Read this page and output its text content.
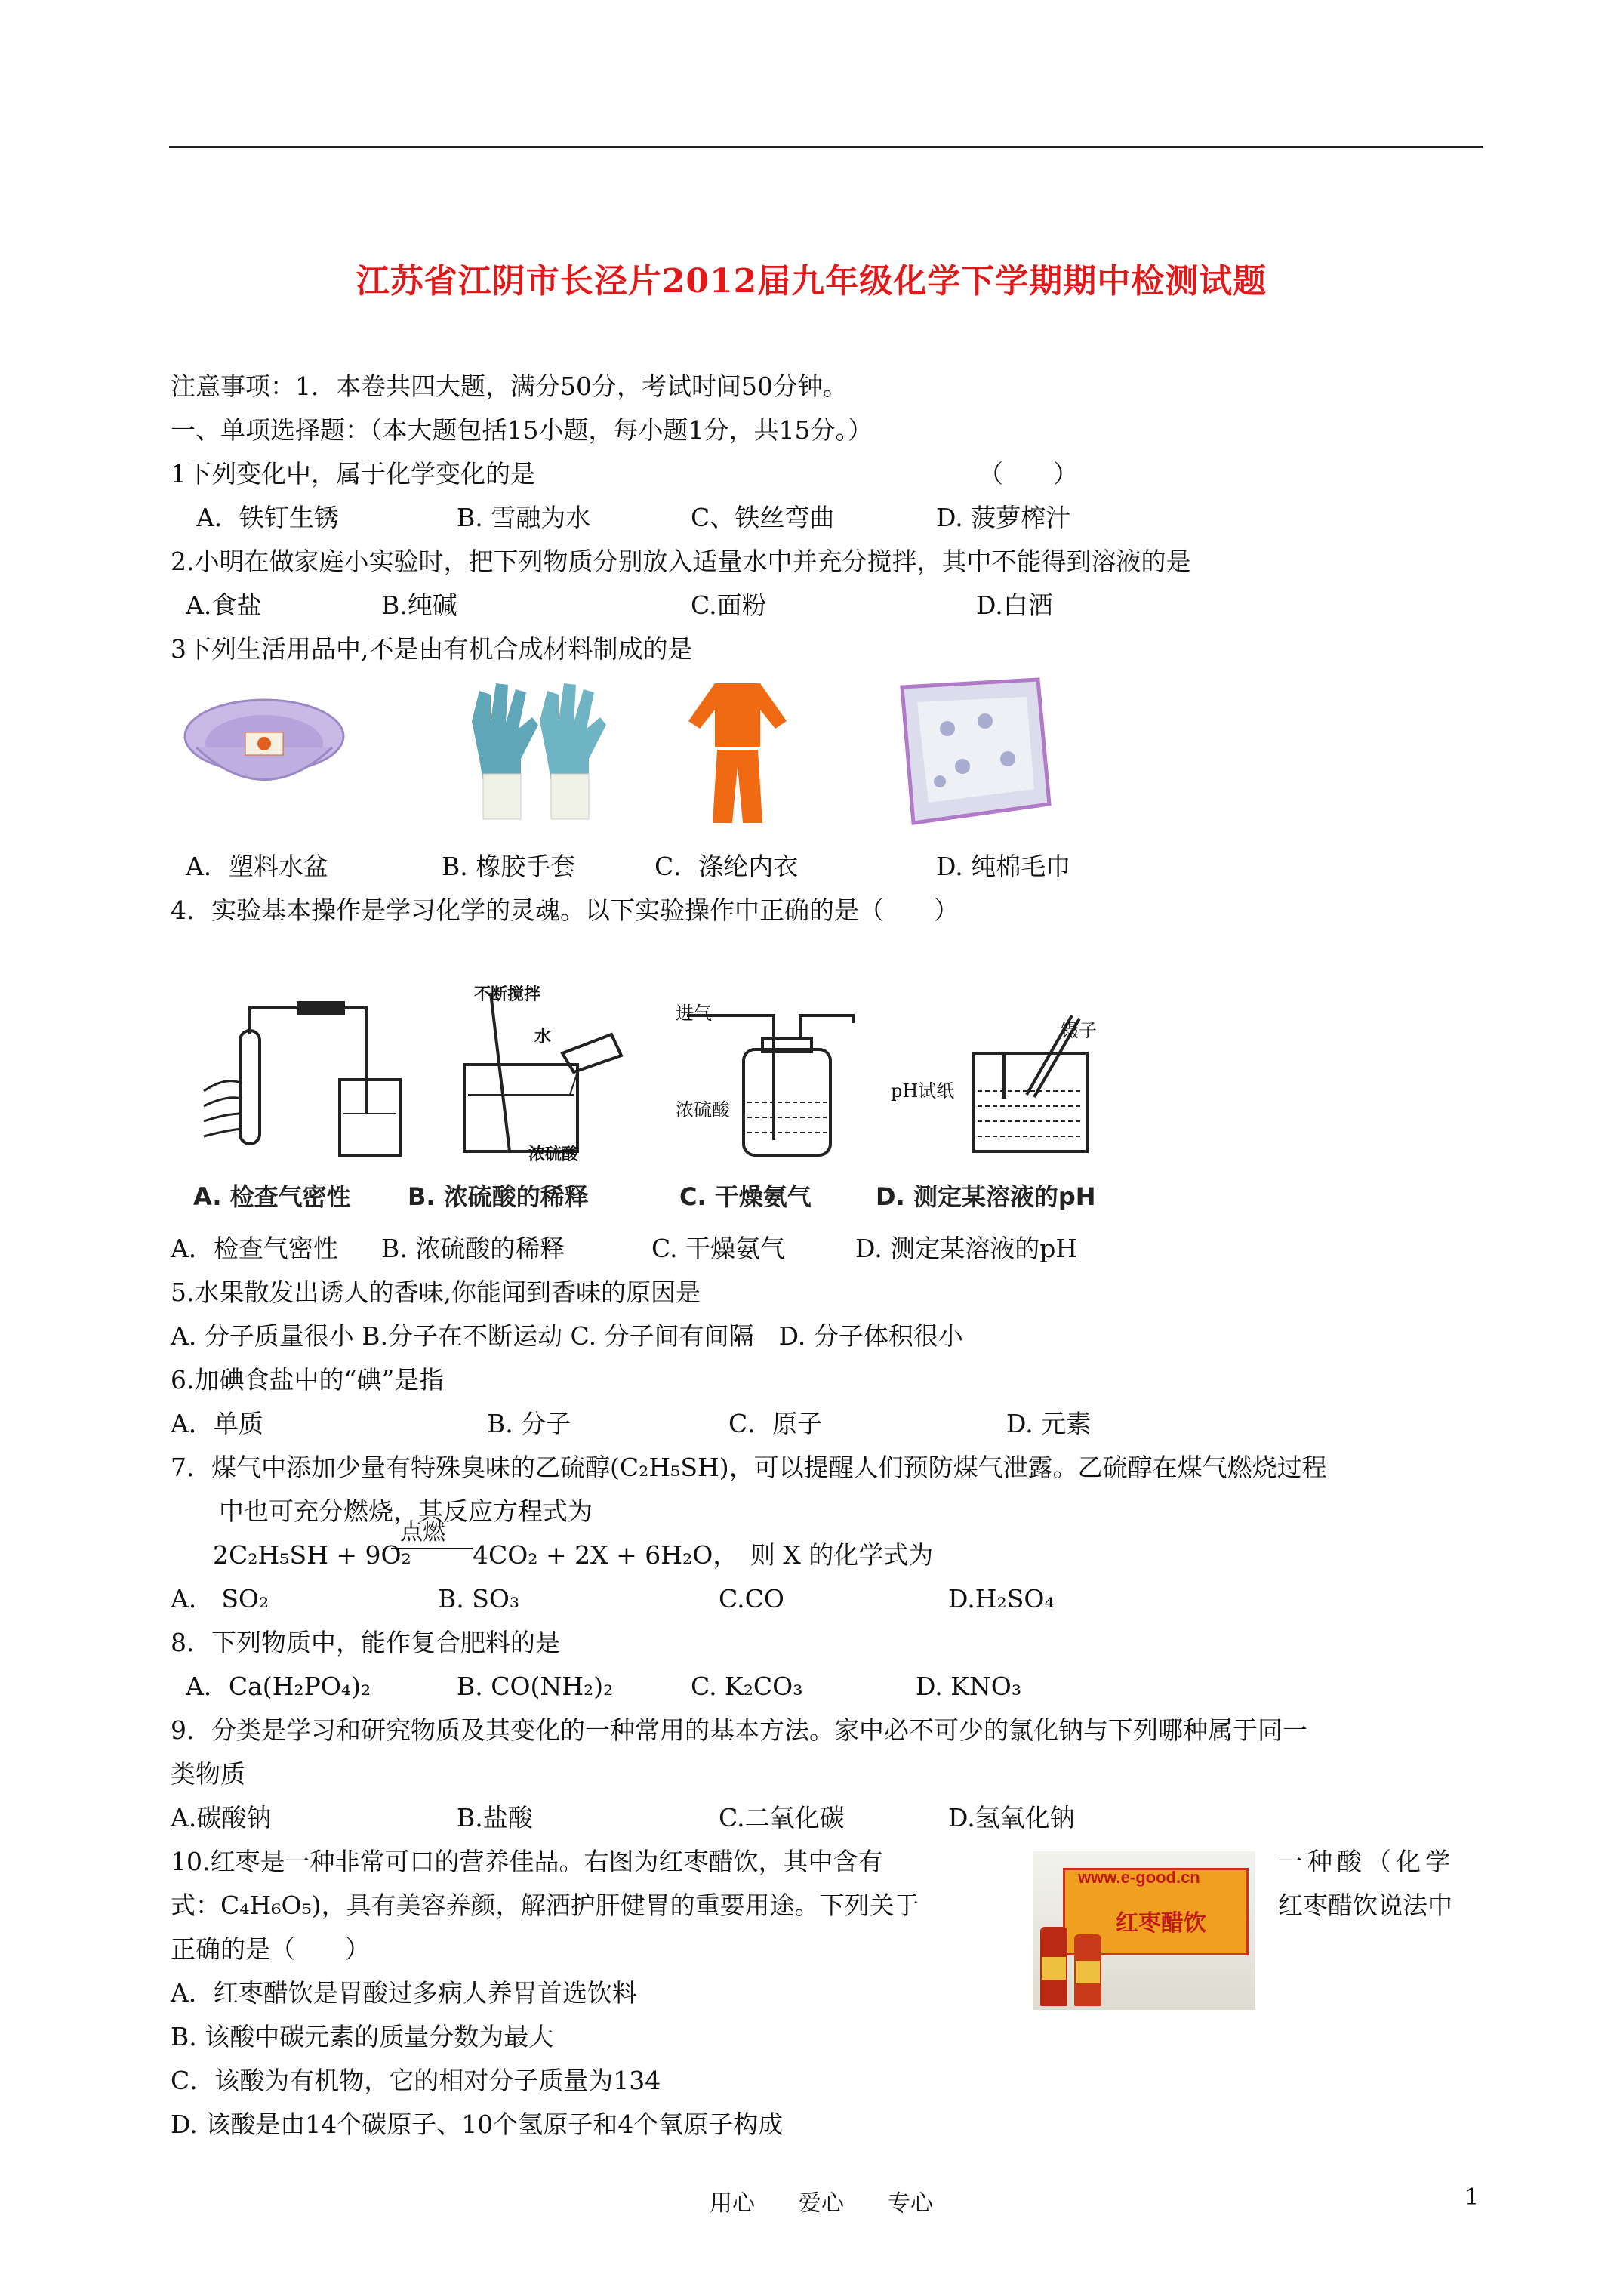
江苏省江阴市长泾片2012届九年级化学下学期期中检测试题
注意事项：1．本卷共四大题，满分50分，考试时间50分钟。
一、单项选择题：（本大题包括15小题，每小题1分，共15分。）
1下列变化中，属于化学变化的是	（　　）
A．铁钉生锈	B. 雪融为水	C、铁丝弯曲	D. 菠萝榨汁
2.小明在做家庭小实验时，把下列物质分别放入适量水中并充分搅拌，其中不能得到溶液的是
A.食盐	B.纯碱	C.面粉	D.白酒
3下列生活用品中,不是由有机合成材料制成的是
A．塑料水盆	B. 橡胶手套	C．涤纶内衣	D. 纯棉毛巾
4．实验基本操作是学习化学的灵魂。以下实验操作中正确的是（　　）
不断搅拌
水
浓硫酸
进气
浓硫酸
镊子
pH试纸
A. 检查气密性 B. 浓硫酸的稀释	C. 干燥氨气	D. 测定某溶液的pH
A．检查气密性 B. 浓硫酸的稀释	C. 干燥氨气	D. 测定某溶液的pH
5.水果散发出诱人的香味,你能闻到香味的原因是
A. 分子质量很小 B.分子在不断运动 C. 分子间有间隔　D. 分子体积很小
6.加碘食盐中的“碘”是指
A．单质	B. 分子	C．原子	D. 元素
7．煤气中添加少量有特殊臭味的乙硫醇(C₂H₅SH)，可以提醒人们预防煤气泄露。乙硫醇在煤气燃烧过程
中也可充分燃烧，其反应方程式为
点燃
2C₂H₅SH + 9O₂ 4CO₂ + 2X + 6H₂O，　则 X 的化学式为
A.　SO₂	B. SO₃	C.CO	D.H₂SO₄
8．下列物质中，能作复合肥料的是
A．Ca(H₂PO₄)₂	B. CO(NH₂)₂	C. K₂CO₃	D. KNO₃
9．分类是学习和研究物质及其变化的一种常用的基本方法。家中必不可少的氯化钠与下列哪种属于同一
类物质
A.碳酸钠	B.盐酸	C.二氧化碳	D.氢氧化钠
10.红枣是一种非常可口的营养佳品。右图为红枣醋饮，其中含有	一种酸（化学
式：C₄H₆O₅)，具有美容养颜，解酒护肝健胃的重要用途。下列关于	红枣醋饮说法中
正确的是（　　）
www.e-good.cn
红枣醋饮
A．红枣醋饮是胃酸过多病人养胃首选饮料
B. 该酸中碳元素的质量分数为最大
C．该酸为有机物，它的相对分子质量为134
D. 该酸是由14个碳原子、10个氢原子和4个氧原子构成
用心 爱心 专心	1
